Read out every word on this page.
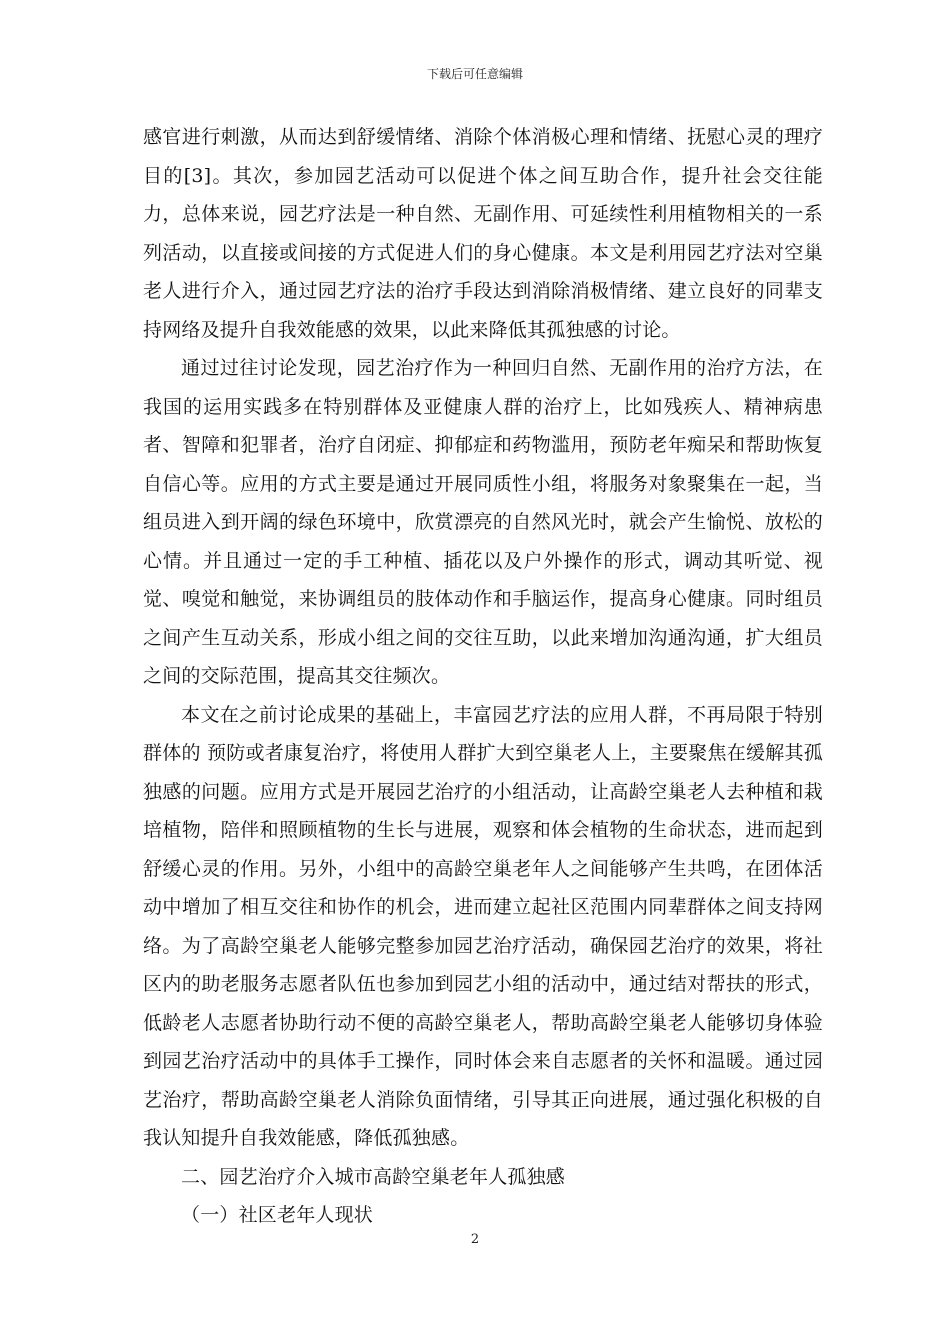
下载后可任意编辑

感官进行刺激，从而达到舒缓情绪、消除个体消极心理和情绪、抚慰心灵的理疗目的[3]。其次，参加园艺活动可以促进个体之间互助合作，提升社会交往能力，总体来说，园艺疗法是一种自然、无副作用、可延续性利用植物相关的一系列活动，以直接或间接的方式促进人们的身心健康。本文是利用园艺疗法对空巢老人进行介入，通过园艺疗法的治疗手段达到消除消极情绪、建立良好的同辈支持网络及提升自我效能感的效果，以此来降低其孤独感的讨论。

通过过往讨论发现，园艺治疗作为一种回归自然、无副作用的治疗方法，在我国的运用实践多在特别群体及亚健康人群的治疗上，比如残疾人、精神病患者、智障和犯罪者，治疗自闭症、抑郁症和药物滥用，预防老年痴呆和帮助恢复自信心等。应用的方式主要是通过开展同质性小组，将服务对象聚集在一起，当组员进入到开阔的绿色环境中，欣赏漂亮的自然风光时，就会产生愉悦、放松的心情。并且通过一定的手工种植、插花以及户外操作的形式，调动其听觉、视觉、嗅觉和触觉，来协调组员的肢体动作和手脑运作，提高身心健康。同时组员之间产生互动关系，形成小组之间的交往互助，以此来增加沟通沟通，扩大组员之间的交际范围，提高其交往频次。

本文在之前讨论成果的基础上，丰富园艺疗法的应用人群，不再局限于特别群体的 预防或者康复治疗，将使用人群扩大到空巢老人上，主要聚焦在缓解其孤独感的问题。应用方式是开展园艺治疗的小组活动，让高龄空巢老人去种植和栽培植物，陪伴和照顾植物的生长与进展，观察和体会植物的生命状态，进而起到舒缓心灵的作用。另外，小组中的高龄空巢老年人之间能够产生共鸣，在团体活动中增加了相互交往和协作的机会，进而建立起社区范围内同辈群体之间支持网络。为了高龄空巢老人能够完整参加园艺治疗活动，确保园艺治疗的效果，将社区内的助老服务志愿者队伍也参加到园艺小组的活动中，通过结对帮扶的形式，低龄老人志愿者协助行动不便的高龄空巢老人，帮助高龄空巢老人能够切身体验到园艺治疗活动中的具体手工操作，同时体会来自志愿者的关怀和温暖。通过园艺治疗，帮助高龄空巢老人消除负面情绪，引导其正向进展，通过强化积极的自我认知提升自我效能感，降低孤独感。

二、园艺治疗介入城市高龄空巢老年人孤独感

（一）社区老年人现状

2
